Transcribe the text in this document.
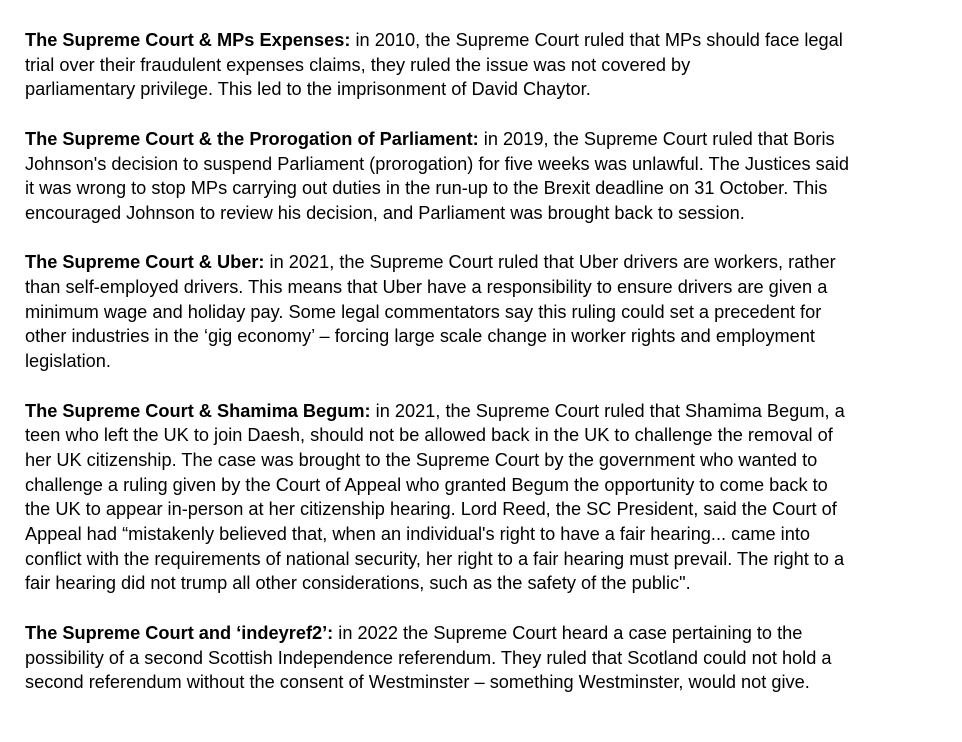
The Supreme Court & MPs Expenses: in 2010, the Supreme Court ruled that MPs should face legal
trial over their fraudulent expenses claims, they ruled the issue was not covered by
parliamentary privilege. This led to the imprisonment of David Chaytor.

The Supreme Court & the Prorogation of Parliament: in 2019, the Supreme Court ruled that Boris
Johnson's decision to suspend Parliament (prorogation) for five weeks was unlawful. The Justices said
it was wrong to stop MPs carrying out duties in the run-up to the Brexit deadline on 31 October. This
encouraged Johnson to review his decision, and Parliament was brought back to session.

The Supreme Court & Uber: in 2021, the Supreme Court ruled that Uber drivers are workers, rather
than self-employed drivers. This means that Uber have a responsibility to ensure drivers are given a
minimum wage and holiday pay. Some legal commentators say this ruling could set a precedent for
other industries in the ‘gig economy’ – forcing large scale change in worker rights and employment
legislation.

The Supreme Court & Shamima Begum: in 2021, the Supreme Court ruled that Shamima Begum, a
teen who left the UK to join Daesh, should not be allowed back in the UK to challenge the removal of
her UK citizenship. The case was brought to the Supreme Court by the government who wanted to
challenge a ruling given by the Court of Appeal who granted Begum the opportunity to come back to
the UK to appear in-person at her citizenship hearing. Lord Reed, the SC President, said the Court of
Appeal had “mistakenly believed that, when an individual's right to have a fair hearing... came into
conflict with the requirements of national security, her right to a fair hearing must prevail. The right to a
fair hearing did not trump all other considerations, such as the safety of the public".

The Supreme Court and ‘indeyref2’: in 2022 the Supreme Court heard a case pertaining to the
possibility of a second Scottish Independence referendum. They ruled that Scotland could not hold a
second referendum without the consent of Westminster – something Westminster, would not give.
